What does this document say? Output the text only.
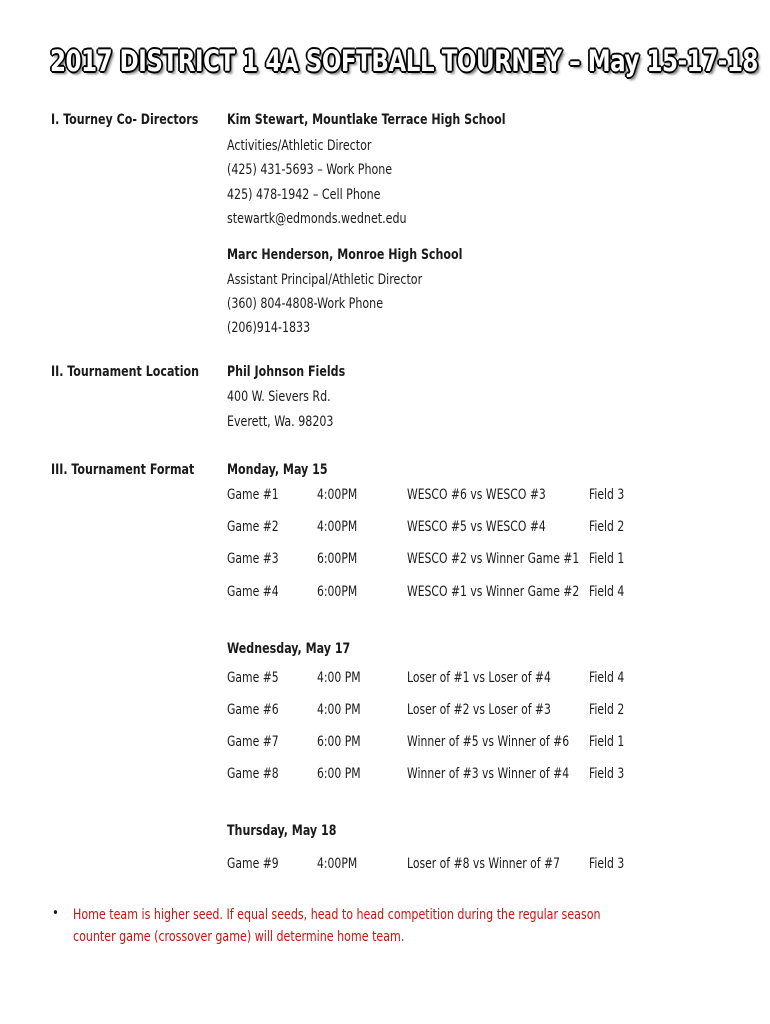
2017 DISTRICT 1 4A SOFTBALL TOURNEY – May 15-17-18
I. Tourney Co- Directors Kim Stewart, Mountlake Terrace High School
Activities/Athletic Director
(425) 431-5693 – Work Phone
425) 478-1942 – Cell Phone
stewartk@edmonds.wednet.edu
Marc Henderson, Monroe High School
Assistant Principal/Athletic Director
(360) 804-4808-Work Phone
(206)914-1833
II. Tournament Location Phil Johnson Fields
400 W. Sievers Rd.
Everett, Wa. 98203
III. Tournament Format Monday, May 15
Game #1	4:00PM	WESCO #6 vs WESCO #3	Field 3
Game #2	4:00PM	WESCO #5 vs WESCO #4	Field 2
Game #3	6:00PM	WESCO #2 vs Winner Game #1 Field 1
Game #4	6:00PM	WESCO #1 vs Winner Game #2 Field 4
Wednesday, May 17
Game #5	4:00 PM	Loser of #1 vs Loser of #4	Field 4
Game #6	4:00 PM	Loser of #2 vs Loser of #3	Field 2
Game #7	6:00 PM	Winner of #5 vs Winner of #6 Field 1
Game #8	6:00 PM	Winner of #3 vs Winner of #4 Field 3
Thursday, May 18
Game #9	4:00PM	Loser of #8 vs Winner of #7 Field 3
• Home team is higher seed. If equal seeds, head to head competition during the regular season counter game (crossover game) will determine home team.
